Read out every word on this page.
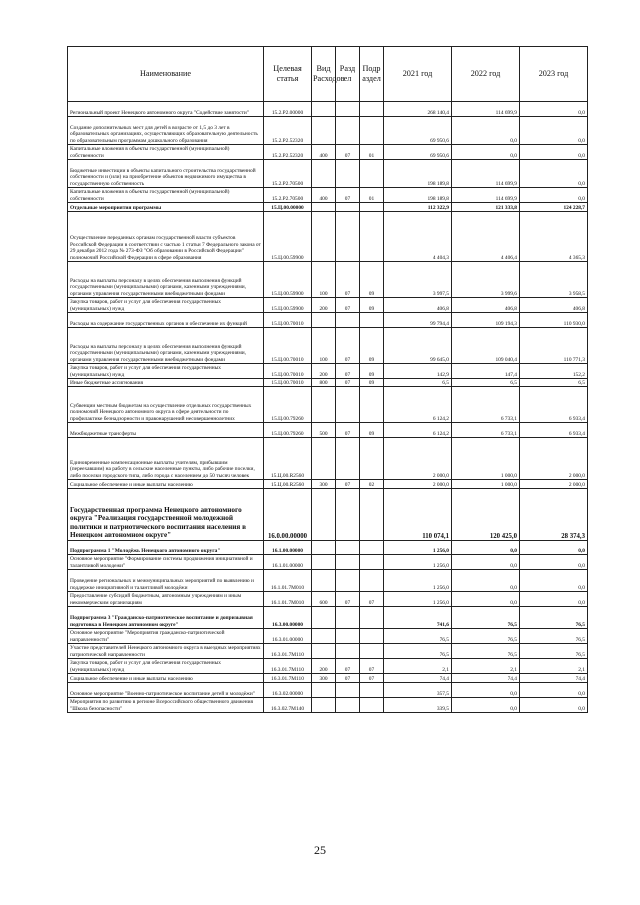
Наименование	Целевая статья	Вид Расходов	Разд ел	Подр аздел	2021 год	2022 год	2023 год
Региональный проект Ненецкого автономного округа "Содействие занятости"	15.2.P2.00000				268 140,4	114 699,9	0,0
Создание дополнительных мест для детей в возрасте от 1,5 до 3 лет в образовательных организациях, осуществляющих образовательную деятельность по образовательным программам дошкольного образования	15.2.P2.52320				69 950,6	0,0	0,0
Капитальные вложения в объекты государственной (муниципальной) собственности	15.2.P2.52320	400	07	01	69 950,6	0,0	0,0
Бюджетные инвестиции в объекты капитального строительства государственной собственности и (или) на приобретение объектов недвижимого имущества в государственную собственность	15.2.P2.70500				198 189,8	114 699,9	0,0
Капитальные вложения в объекты государственной (муниципальной) собственности	15.2.P2.70500	400	07	01	198 189,8	114 699,9	0,0
Отдельные мероприятия программы	15.Ц.00.00000				112 322,9	121 333,8	124 228,7
Осуществление переданных органам государственной власти субъектов Российской Федерации в соответствии с частью 1 статьи 7 Федерального закона от 29 декабря 2012 года № 273-ФЗ "Об образовании в Российской Федерации" полномочий Российской Федерации в сфере образования	15.Ц.00.59900				4 404,3	4 406,4	4 365,3
Расходы на выплаты персоналу в целях обеспечения выполнения функций государственными (муниципальными) органами, казенными учреждениями, органами управления государственными внебюджетными фондами	15.Ц.00.59900	100	07	09	3 997,5	3 999,6	3 958,5
Закупка товаров, работ и услуг для обеспечения государственных (муниципальных) нужд	15.Ц.00.59900	200	07	09	406,8	406,8	406,8
Расходы на содержание государственных органов и обеспечение их функций	15.Ц.00.70010				99 794,4	109 194,3	110 930,0
Расходы на выплаты персоналу в целях обеспечения выполнения функций государственными (муниципальными) органами, казенными учреждениями, органами управления государственными внебюджетными фондами	15.Ц.00.70010	100	07	09	99 645,0	109 040,4	110 771,3
Закупка товаров, работ и услуг для обеспечения государственных (муниципальных) нужд	15.Ц.00.70010	200	07	09	142,9	147,4	152,2
Иные бюджетные ассигнования	15.Ц.00.70010	800	07	09	6,5	6,5	6,5
Субвенции местным бюджетам на осуществление отдельных государственных полномочий Ненецкого автономного округа в сфере деятельности по профилактике безнадзорности и правонарушений несовершеннолетних	15.Ц.00.79260				6 124,2	6 733,1	6 933,4
Межбюджетные трансферты	15.Ц.00.79260	500	07	09	6 124,2	6 733,1	6 933,4
Единовременные компенсационные выплаты учителям, прибывшим (переехавшим) на работу в сельские населенные пункты, либо рабочие поселки, либо поселки городского типа, либо города с населением до 50 тысяч человек	15.Ц.00.R2560				2 000,0	1 000,0	2 000,0
Социальное обеспечение и иные выплаты населению	15.Ц.00.R2560	300	07	02	2 000,0	1 000,0	2 000,0
Государственная программа Ненецкого автономного округа "Реализация государственной молодежной политики и патриотического воспитания населения в Ненецком автономном округе"	16.0.00.00000				110 074,1	120 425,0	28 374,3
Подпрограмма 1 "Молодёжь Ненецкого автономного округа"	16.1.00.00000				1 256,0	0,0	0,0
Основное мероприятие "Формирование системы продвижения инициативной и талантливой молодежи"	16.1.01.00000				1 256,0	0,0	0,0
Проведение региональных и межмуниципальных мероприятий по выявлению и поддержке инициативной и талантливой молодёжи	16.1.01.7М010				1 256,0	0,0	0,0
Предоставление субсидий бюджетным, автономным учреждениям и иным некоммерческим организациям	16.1.01.7М010	600	07	07	1 256,0	0,0	0,0
Подпрограмма 3 "Гражданско-патриотическое воспитание и допризывная подготовка в Ненецком автономном округе"	16.3.00.00000				741,6	76,5	76,5
Основное мероприятие "Мероприятия гражданско-патриотической направленности"	16.3.01.00000				76,5	76,5	76,5
Участие представителей Ненецкого автономного округа в выездных мероприятиях патриотической направленности	16.3.01.7М110				76,5	76,5	76,5
Закупка товаров, работ и услуг для обеспечения государственных (муниципальных) нужд	16.3.01.7М110	200	07	07	2,1	2,1	2,1
Социальное обеспечение и иные выплаты населению	16.3.01.7М110	300	07	07	74,4	74,4	74,4
Основное мероприятие "Военно-патриотическое воспитание детей и молодёжи"	16.3.02.00000				357,5	0,0	0,0
Мероприятия по развитию в регионе Всероссийского общественного движения "Школа безопасности"	16.3.02.7М140				339,5	0,0	0,0
25
